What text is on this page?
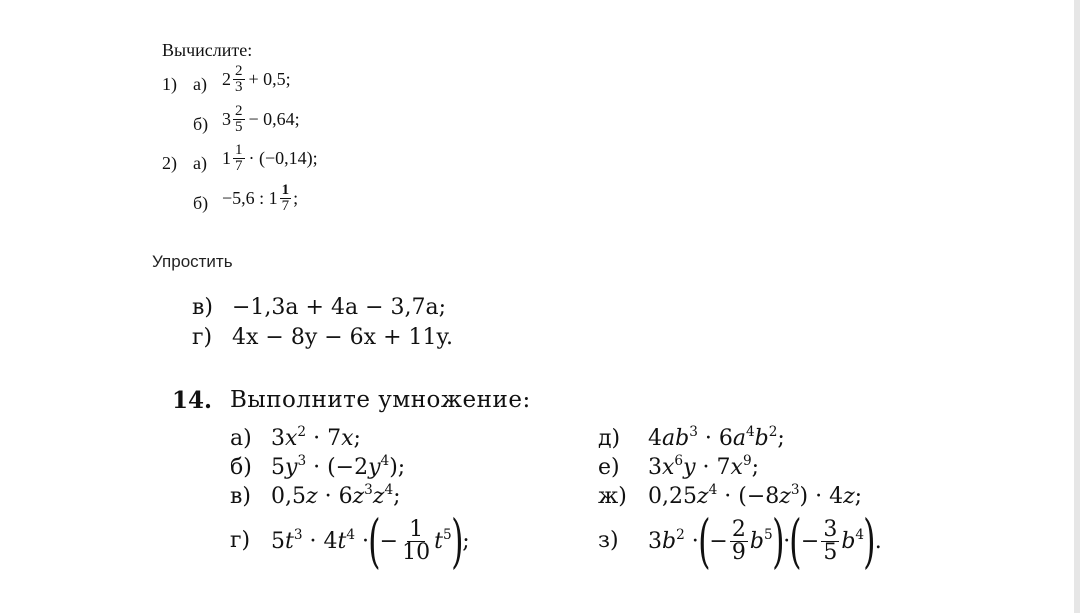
Вычислите:
1) а) $2 \frac{2}{3} + 0,5$;
б) $3 \frac{2}{5} - 0,64$;
2) а) $1 \frac{1}{7} \cdot (-0,14)$;
б) −5,6 : $1 \frac{1}{7}$ ;
Упростить
в) −1,3a + 4a − 3,7a;
г) 4x − 8y − 6x + 11y.
14. Выполните умножение:
а) $3x^2 \cdot 7x$;
б) $5y^3 \cdot (-2y^4)$;
в) $0,5z \cdot 6z^3z^4$;
г) $5t^3 \cdot 4t^4$ · ( − $\frac{1}{10} t^5$ ) ;
д) $4ab^3 \cdot 6a^4b^2$;
е) $3x^6y \cdot 7x^9$;
ж) $0,25z^4 \cdot (-8z^3) \cdot 4z$;
з) $3b^2$ · ( − $\frac{2}{9} b^5$ ) · ( − $\frac{3}{5} b^4$ ) .
